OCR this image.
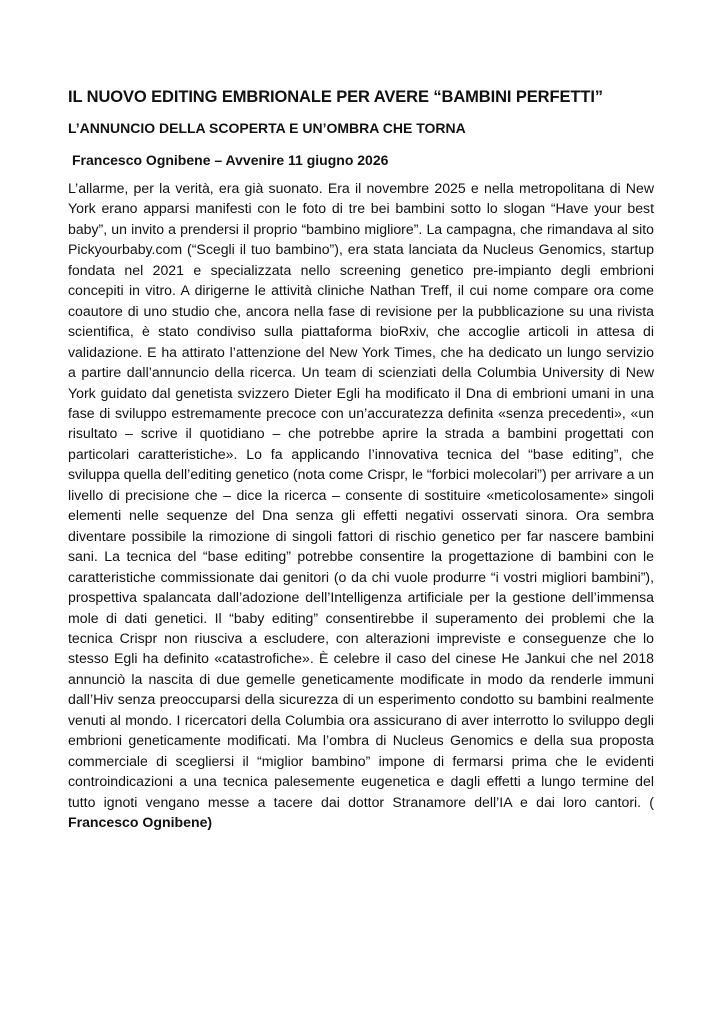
IL NUOVO EDITING EMBRIONALE PER AVERE “BAMBINI PERFETTI”
L’ANNUNCIO DELLA SCOPERTA E UN’OMBRA CHE TORNA
Francesco Ognibene – Avvenire 11 giugno 2026

L’allarme, per la verità, era già suonato. Era il novembre 2025 e nella metropolitana di New York erano apparsi manifesti con le foto di tre bei bambini sotto lo slogan “Have your best baby”, un invito a prendersi il proprio “bambino migliore”. La campagna, che rimandava al sito Pickyourbaby.com (“Scegli il tuo bambino”), era stata lanciata da Nucleus Genomics, startup fondata nel 2021 e specializzata nello screening genetico pre-impianto degli embrioni concepiti in vitro. A dirigerne le attività cliniche Nathan Treff, il cui nome compare ora come coautore di uno studio che, ancora nella fase di revisione per la pubblicazione su una rivista scientifica, è stato condiviso sulla piattaforma bioRxiv, che accoglie articoli in attesa di validazione. E ha attirato l’attenzione del New York Times, che ha dedicato un lungo servizio a partire dall’annuncio della ricerca. Un team di scienziati della Columbia University di New York guidato dal genetista svizzero Dieter Egli ha modificato il Dna di embrioni umani in una fase di sviluppo estremamente precoce con un’accuratezza definita «senza precedenti», «un risultato – scrive il quotidiano – che potrebbe aprire la strada a bambini progettati con particolari caratteristiche». Lo fa applicando l’innovativa tecnica del “base editing”, che sviluppa quella dell’editing genetico (nota come Crispr, le “forbici molecolari”) per arrivare a un livello di precisione che – dice la ricerca – consente di sostituire «meticolosamente» singoli elementi nelle sequenze del Dna senza gli effetti negativi osservati sinora. Ora sembra diventare possibile la rimozione di singoli fattori di rischio genetico per far nascere bambini sani. La tecnica del “base editing” potrebbe consentire la progettazione di bambini con le caratteristiche commissionate dai genitori (o da chi vuole produrre “i vostri migliori bambini”), prospettiva spalancata dall’adozione dell’Intelligenza artificiale per la gestione dell’immensa mole di dati genetici. Il “baby editing” consentirebbe il superamento dei problemi che la tecnica Crispr non riusciva a escludere, con alterazioni impreviste e conseguenze che lo stesso Egli ha definito «catastrofiche». È celebre il caso del cinese He Jankui che nel 2018 annunciò la nascita di due gemelle geneticamente modificate in modo da renderle immuni dall’Hiv senza preoccuparsi della sicurezza di un esperimento condotto su bambini realmente venuti al mondo. I ricercatori della Columbia ora assicurano di aver interrotto lo sviluppo degli embrioni geneticamente modificati. Ma l’ombra di Nucleus Genomics e della sua proposta commerciale di scegliersi il “miglior bambino” impone di fermarsi prima che le evidenti controindicazioni a una tecnica palesemente eugenetica e dagli effetti a lungo termine del tutto ignoti vengano messe a tacere dai dottor Stranamore dell’IA e dai loro cantori. ( Francesco Ognibene)
